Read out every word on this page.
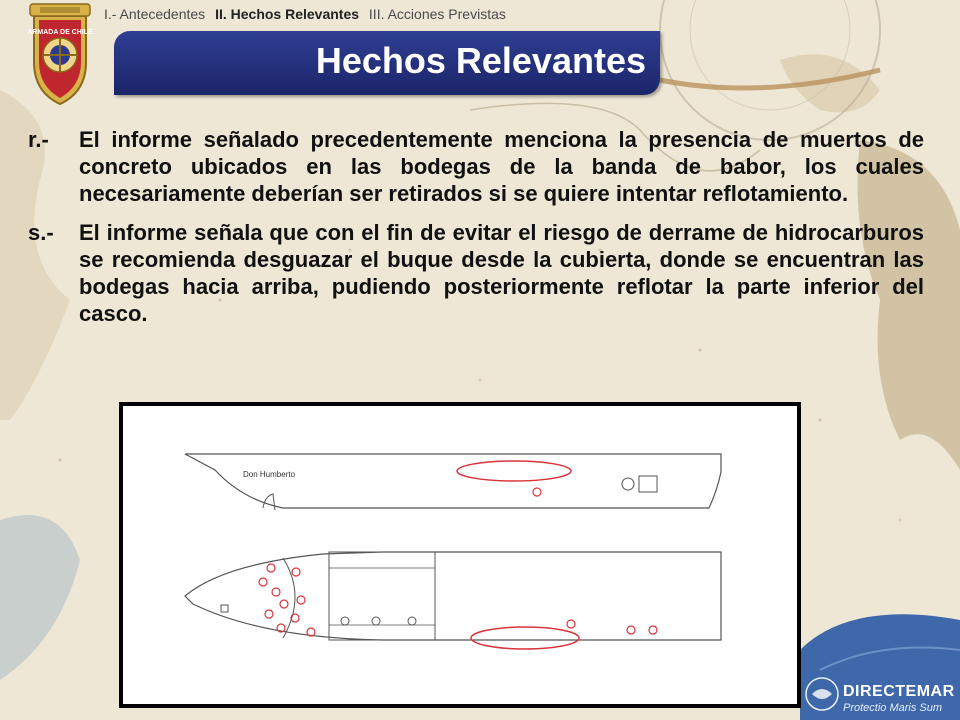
ARMADA DE CHILE
I.- Antecedentes II. Hechos Relevantes III. Acciones Previstas
Hechos Relevantes
r.-	El informe señalado precedentemente menciona la presencia de muertos de concreto ubicados en las bodegas de la banda de babor, los cuales necesariamente deberían ser retirados si se quiere intentar reflotamiento.
s.-	El informe señala que con el fin de evitar el riesgo de derrame de hidrocarburos se recomienda desguazar el buque desde la cubierta, donde se encuentran las bodegas hacia arriba, pudiendo posteriormente reflotar la parte inferior del casco.
Don Humberto
DIRECTEMAR
Protectio Maris Sum
